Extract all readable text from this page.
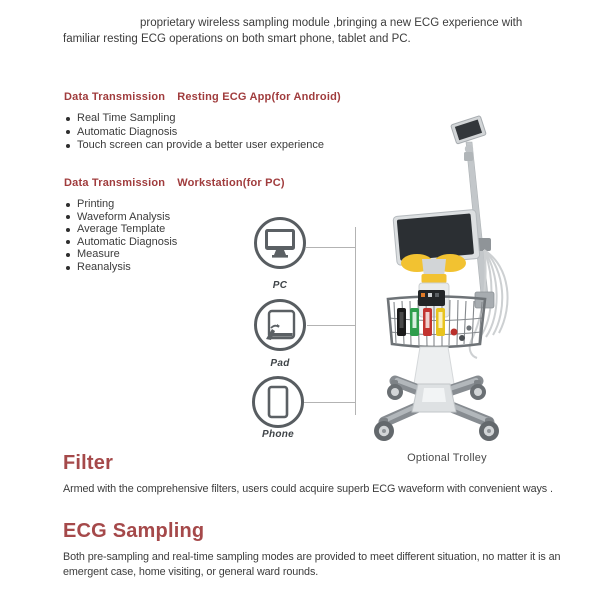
proprietary wireless sampling module ,bringing a new ECG experience with
familiar resting ECG operations on both smart phone, tablet and PC.
Data Transmission Resting ECG App(for Android)
Real Time Sampling
Automatic Diagnosis
Touch screen can provide a better user experience
Data Transmission Workstation(for PC)
Printing
Waveform Analysis
Average Template
Automatic Diagnosis
Measure
Reanalysis
PC
Pad
Phone
Optional Trolley
Filter
Armed with the comprehensive filters, users could acquire superb ECG waveform with convenient ways .
ECG Sampling
Both pre-sampling and real-time sampling modes are provided to meet different situation, no matter it is an
emergent case, home visiting, or general ward rounds.
